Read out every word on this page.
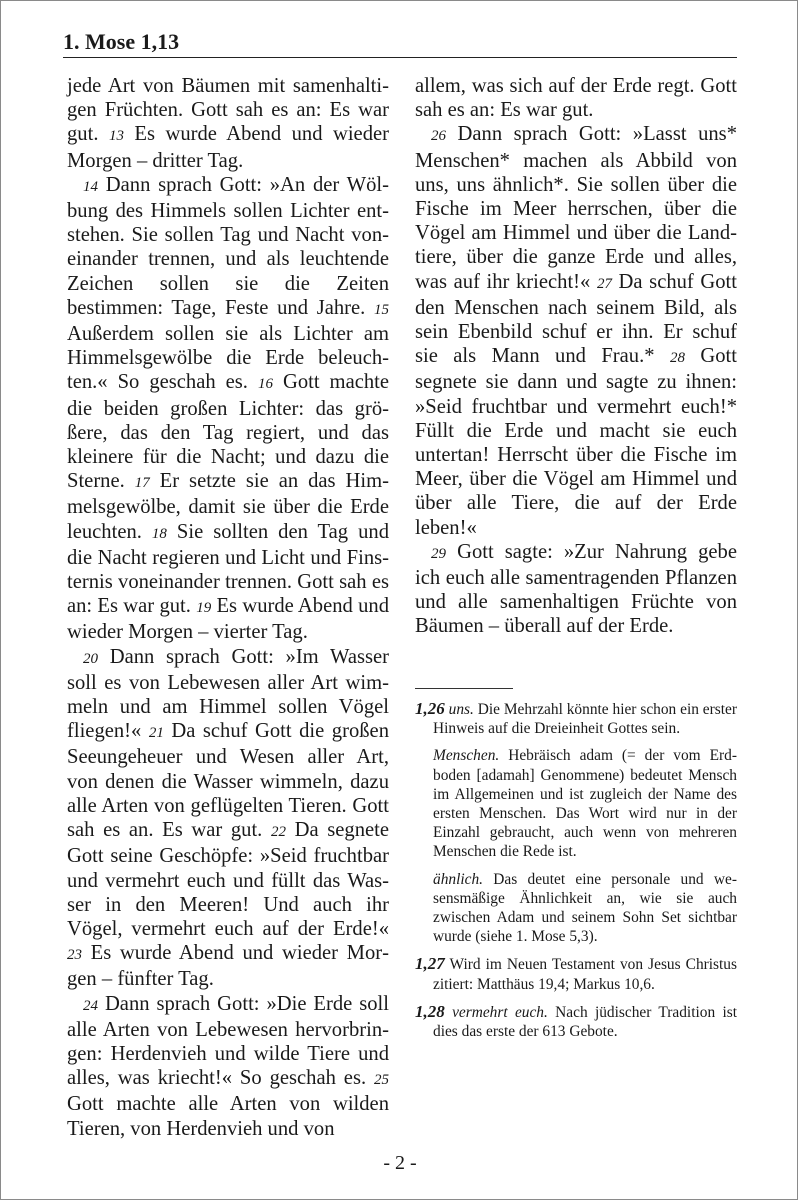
1. Mose 1,13

jede Art von Bäumen mit samenhaltigen Früchten. Gott sah es an: Es war gut. 13 Es wurde Abend und wieder Morgen – dritter Tag.

14 Dann sprach Gott: »An der Wölbung des Himmels sollen Lichter entstehen. Sie sollen Tag und Nacht voneinander trennen, und als leuchtende Zeichen sollen sie die Zeiten bestimmen: Tage, Feste und Jahre. 15 Außerdem sollen sie als Lichter am Himmelsgewölbe die Erde beleuchten.« So geschah es. 16 Gott machte die beiden großen Lichter: das größere, das den Tag regiert, und das kleinere für die Nacht; und dazu die Sterne. 17 Er setzte sie an das Himmelsgewölbe, damit sie über die Erde leuchten. 18 Sie sollten den Tag und die Nacht regieren und Licht und Finsternis voneinander trennen. Gott sah es an: Es war gut. 19 Es wurde Abend und wieder Morgen – vierter Tag.

20 Dann sprach Gott: »Im Wasser soll es von Lebewesen aller Art wimmeln und am Himmel sollen Vögel fliegen!« 21 Da schuf Gott die großen Seeungeheuer und Wesen aller Art, von denen die Wasser wimmeln, dazu alle Arten von geflügelten Tieren. Gott sah es an. Es war gut. 22 Da segnete Gott seine Geschöpfe: »Seid fruchtbar und vermehrt euch und füllt das Wasser in den Meeren! Und auch ihr Vögel, vermehrt euch auf der Erde!« 23 Es wurde Abend und wieder Morgen – fünfter Tag.

24 Dann sprach Gott: »Die Erde soll alle Arten von Lebewesen hervorbringen: Herdenvieh und wilde Tiere und alles, was kriecht!« So geschah es. 25 Gott machte alle Arten von wilden Tieren, von Herdenvieh und von

allem, was sich auf der Erde regt. Gott sah es an: Es war gut.

26 Dann sprach Gott: »Lasst uns* Menschen* machen als Abbild von uns, uns ähnlich*. Sie sollen über die Fische im Meer herrschen, über die Vögel am Himmel und über die Landtiere, über die ganze Erde und alles, was auf ihr kriecht!« 27 Da schuf Gott den Menschen nach seinem Bild, als sein Ebenbild schuf er ihn. Er schuf sie als Mann und Frau.* 28 Gott segnete sie dann und sagte zu ihnen: »Seid fruchtbar und vermehrt euch!* Füllt die Erde und macht sie euch untertan! Herrscht über die Fische im Meer, über die Vögel am Himmel und über alle Tiere, die auf der Erde leben!«

29 Gott sagte: »Zur Nahrung gebe ich euch alle samentragenden Pflanzen und alle samenhaltigen Früchte von Bäumen – überall auf der Erde.

1,26 uns. Die Mehrzahl könnte hier schon ein erster Hinweis auf die Dreieinheit Gottes sein.

Menschen. Hebräisch adam (= der vom Erdboden [adamah] Genommene) bedeutet Mensch im Allgemeinen und ist zugleich der Name des ersten Menschen. Das Wort wird nur in der Einzahl gebraucht, auch wenn von mehreren Menschen die Rede ist.

ähnlich. Das deutet eine personale und wesensmäßige Ähnlichkeit an, wie sie auch zwischen Adam und seinem Sohn Set sichtbar wurde (siehe 1. Mose 5,3).

1,27 Wird im Neuen Testament von Jesus Christus zitiert: Matthäus 19,4; Markus 10,6.

1,28 vermehrt euch. Nach jüdischer Tradition ist dies das erste der 613 Gebote.

- 2 -
